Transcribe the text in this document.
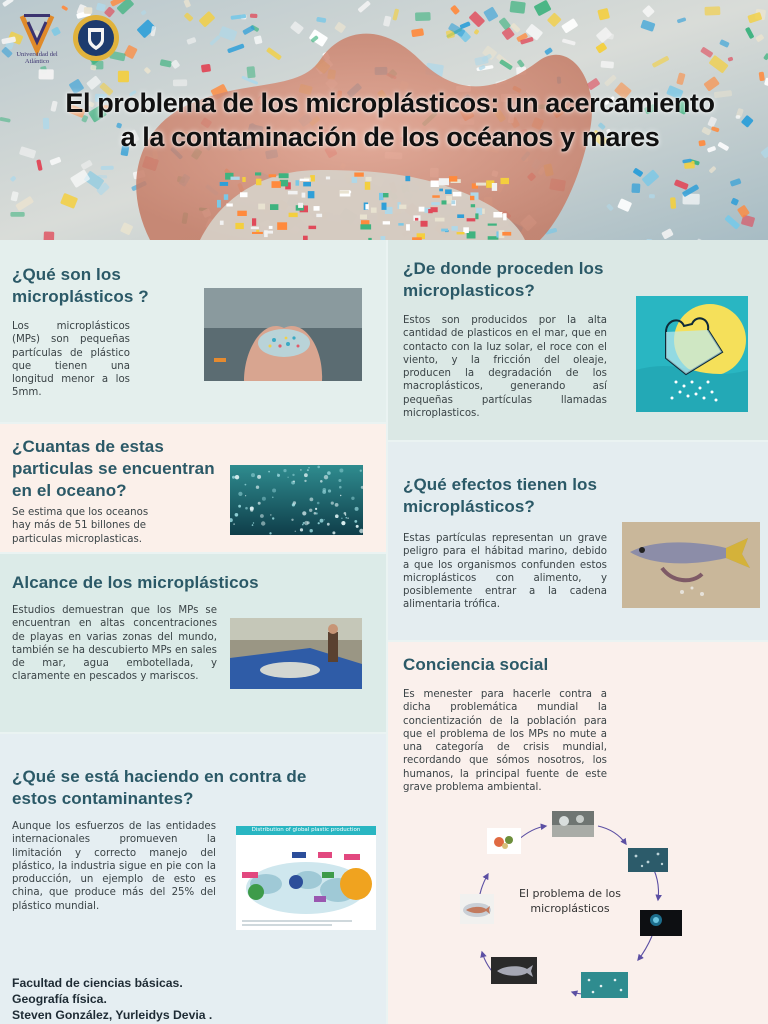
Universidad del Atlántico
El problema de los microplásticos: un acercamiento a la contaminación de los océanos y mares
¿Qué son los microplásticos ?
Los microplásticos (MPs) son pequeñas partículas de plástico que tienen una longitud menor a los 5mm.
¿Cuantas de estas particulas se encuentran en el oceano?
Se estima que los oceanos hay más de 51 billones de particulas microplasticas.
Alcance de los microplásticos
Estudios demuestran que los MPs se encuentran en altas concentraciones de playas en varias zonas del mundo, también se ha descubierto MPs en sales de mar, agua embotellada, y claramente en pescados y mariscos.
¿Qué se está haciendo en contra de estos contaminantes?
Aunque los esfuerzos de las entidades internacionales promueven la limitación y correcto manejo del plástico, la industria sigue en pie con la producción, un ejemplo de esto es china, que produce más del 25% del plástico mundial.
Distribution of global plastic production
Facultad de ciencias básicas.
Geografía física.
Steven González, Yurleidys Devia .
¿De donde proceden los microplasticos?
Estos son producidos por la alta cantidad de plasticos en el mar, que en contacto con la luz solar, el roce con el viento, y la fricción del oleaje, producen la degradación de los macroplásticos, generando así pequeñas partículas llamadas microplasticos.
¿Qué efectos tienen los microplásticos?
Estas partículas representan un grave peligro para el hábitad marino, debido a que los organismos confunden estos microplásticos con alimento, y posiblemente entrar a la cadena alimentaria trófica.
Conciencia social
Es menester para hacerle contra a dicha problemática mundial la concientización de la población para que el problema de los MPs no mute a una categoría de crisis mundial, recordando que sómos nosotros, los humanos, la principal fuente de este grave problema ambiental.
El problema de los microplásticos
